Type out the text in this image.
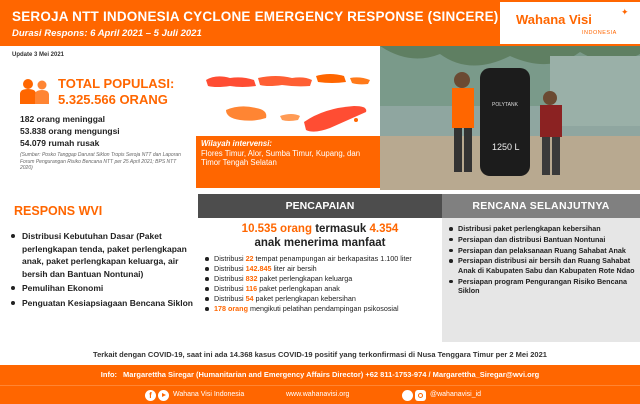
SEROJA NTT INDONESIA CYCLONE EMERGENCY RESPONSE (SINCERE)
Durasi Respons: 6 April 2021 – 5 Juli 2021
Wahana Visi	✦
INDONESIA
Update 3 Mei 2021
TOTAL POPULASI:
5.325.566 ORANG
182 orang meninggal
53.838 orang mengungsi
54.079 rumah rusak
(Sumber: Posko Tanggap Darurat Siklon Tropis Seroja NTT dan Laporan Forum Pengurangan Risiko Bencana NTT per 25 April 2021; BPS NTT 2020)
Wilayah intervensi:
Flores Timur, Alor, Sumba Timur, Kupang, dan Timor Tengah Selatan
POLYTANK
1250 L
RESPONS WVI
Distribusi Kebutuhan Dasar (Paket perlengkapan tenda, paket perlengkapan anak, paket perlengkapan keluarga, air bersih dan Bantuan Nontunai)
Pemulihan Ekonomi
Penguatan Kesiapsiagaan Bencana Siklon
PENCAPAIAN
10.535 orang termasuk 4.354
anak menerima manfaat
Distribusi 22 tempat penampungan air berkapasitas 1.100 liter
Distribusi 142.845 liter air bersih
Distribusi 832 paket perlengkapan keluarga
Distribusi 116 paket perlengkapan anak
Distribusi 54 paket perlengkapan kebersihan
178 orang mengikuti pelatihan pendampingan psikososial
RENCANA SELANJUTNYA
Distribusi paket perlengkapan kebersihan
Persiapan dan distribusi Bantuan Nontunai
Persiapan dan pelaksanaan Ruang Sahabat Anak
Persiapan distribusi air bersih dan Ruang Sahabat Anak di Kabupaten Sabu dan Kabupaten Rote Ndao
Persiapan program Pengurangan Risiko Bencana Siklon
Terkait dengan COVID-19, saat ini ada 14.368 kasus COVID-19 positif yang terkonfirmasi di Nusa Tenggara Timur per 2 Mei 2021
Info: Margarettha Siregar (Humanitarian and Emergency Affairs Director) +62 811-1753-974 / Margarettha_Siregar@wvi.org
f	Wahana Visi Indonesia	www.wahanavisi.org	@wahanavisi_id
